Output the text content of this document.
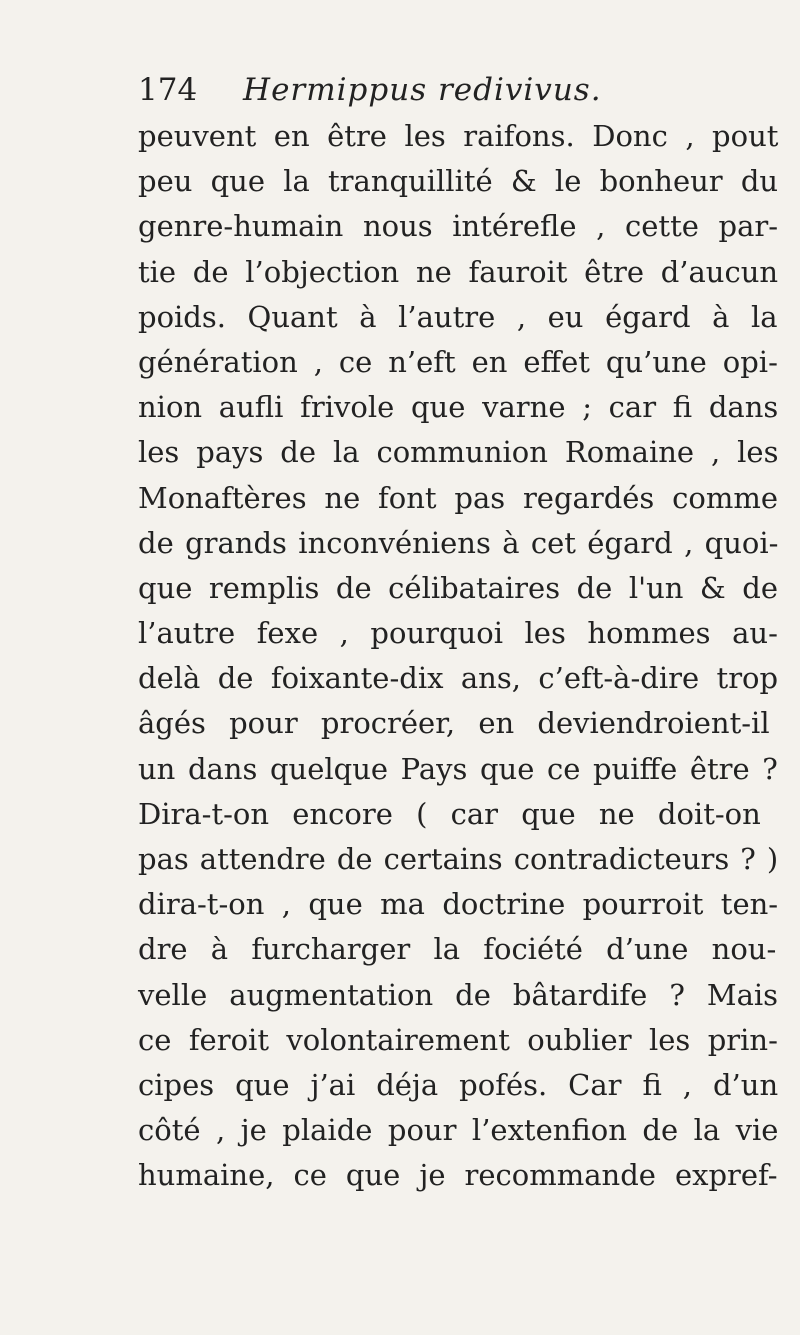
174 Hermippus redivivus.
peuvent en être les raifons. Donc , pout
peu que la tranquillité & le bonheur du
genre-humain nous intérefle , cette par-
tie de l’objection ne fauroit être d’aucun
poids. Quant à l’autre , eu égard à la
génération , ce n’eft en effet qu’une opi-
nion aufli frivole que varne ; car fi dans
les pays de la communion Romaine , les
Monaftères ne font pas regardés comme
de grands inconvéniens à cet égard , quoi-
que remplis de célibataires de l'un & de
l’autre fexe , pourquoi les hommes au-
delà de foixante-dix ans, c’eft-à-dire trop
âgés pour procréer, en deviendroient-il
un dans quelque Pays que ce puiffe être ?
Dira-t-on encore ( car que ne doit-on
pas attendre de certains contradicteurs ? )
dira-t-on , que ma doctrine pourroit ten-
dre à furcharger la fociété d’une nou-
velle augmentation de bâtardife ? Mais
ce feroit volontairement oublier les prin-
cipes que j’ai déja pofés. Car fi , d’un
côté , je plaide pour l’extenfion de la vie
humaine, ce que je recommande expref-
